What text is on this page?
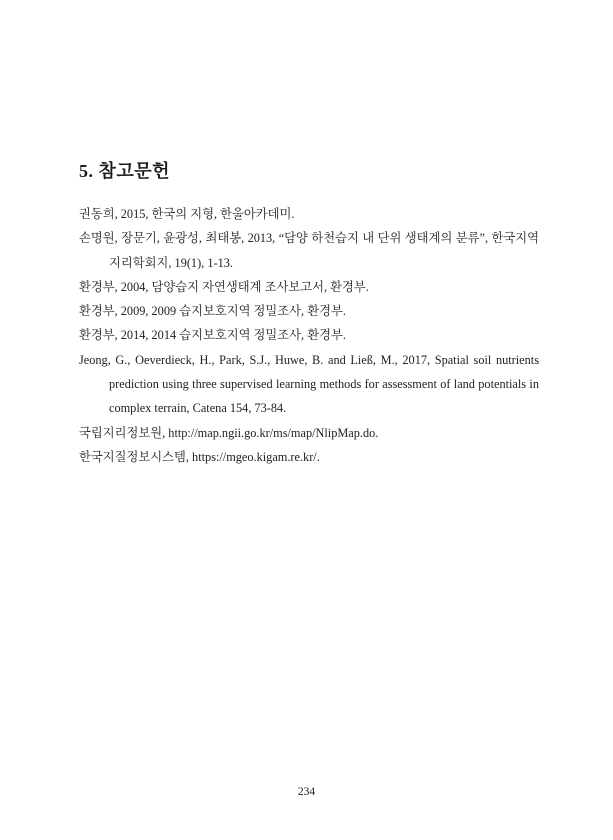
5. 참고문헌
권동희, 2015, 한국의 지형, 한울아카데미.
손명원, 장문기, 윤광성, 최태봉, 2013, “담양 하천습지 내 단위 생태계의 분류”, 한국지역지리학회지, 19(1), 1-13.
환경부, 2004, 담양습지 자연생태계 조사보고서, 환경부.
환경부, 2009, 2009 습지보호지역 정밀조사, 환경부.
환경부, 2014, 2014 습지보호지역 정밀조사, 환경부.
Jeong, G., Oeverdieck, H., Park, S.J., Huwe, B. and Ließ, M., 2017, Spatial soil nutrients prediction using three supervised learning methods for assessment of land potentials in complex terrain, Catena 154, 73-84.
국립지리정보원, http://map.ngii.go.kr/ms/map/NlipMap.do.
한국지질정보시스템, https://mgeo.kigam.re.kr/.
234
